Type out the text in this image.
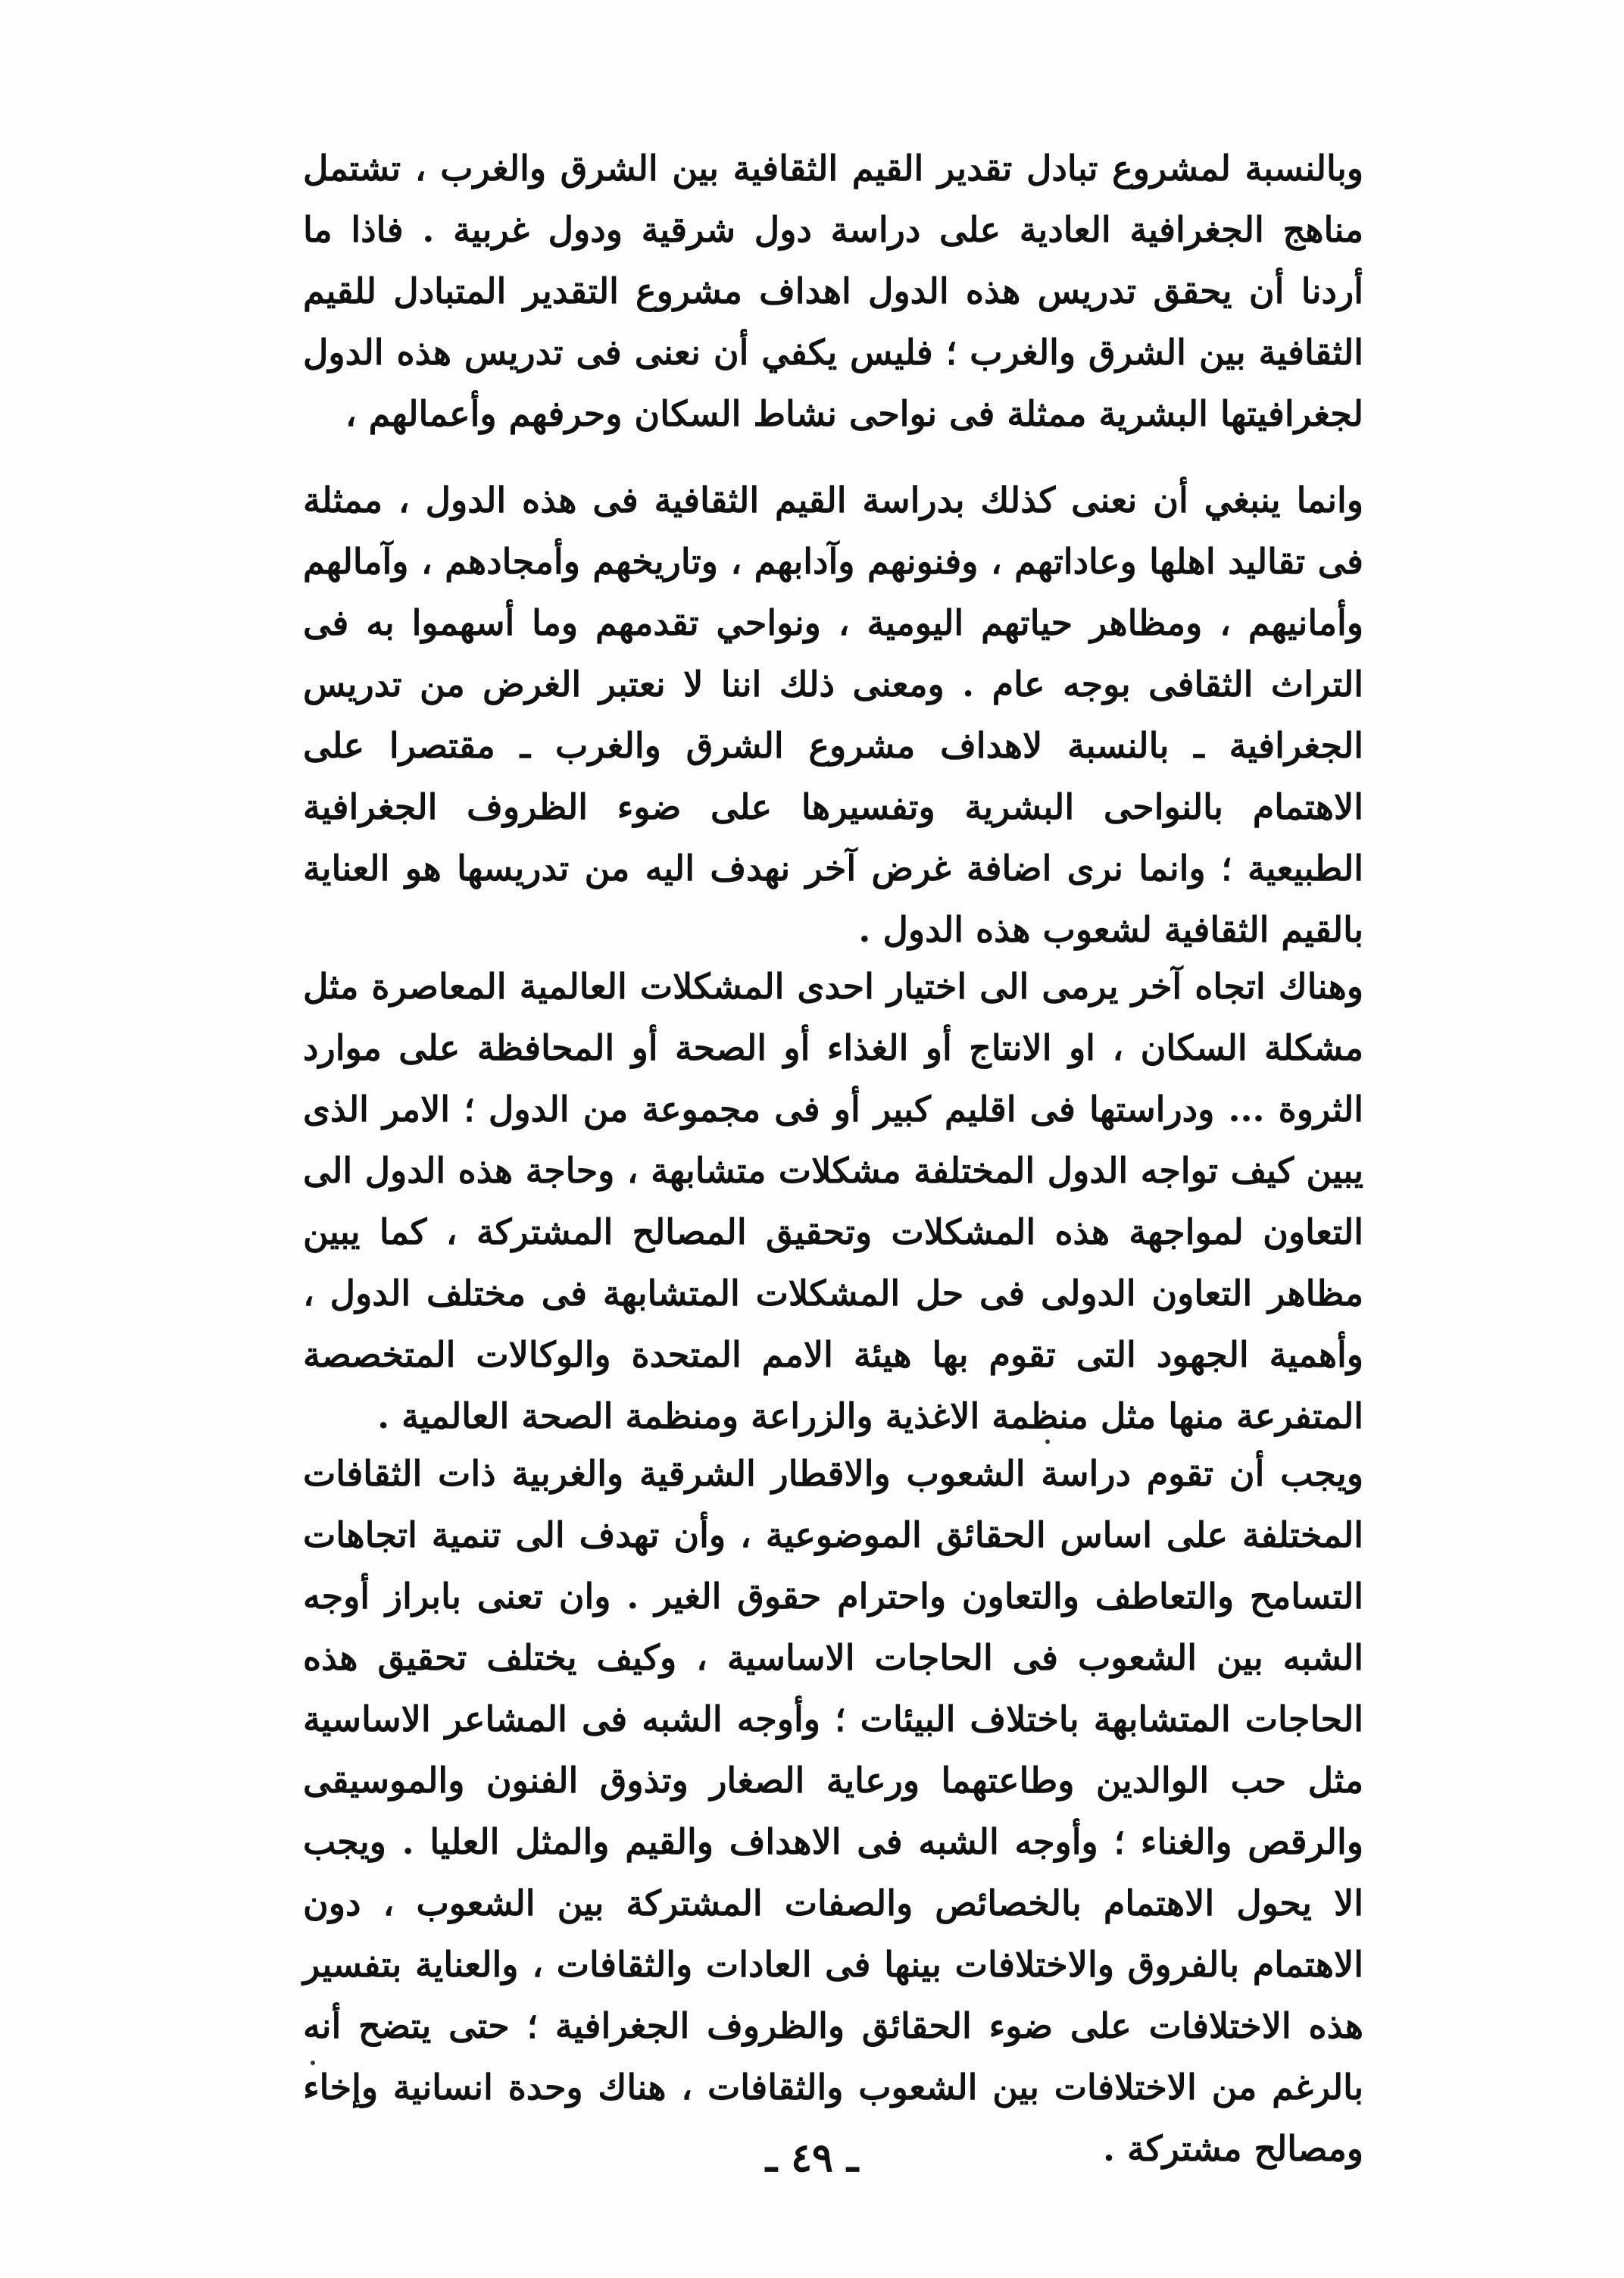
وبالنسبة لمشروع تبادل تقدير القيم الثقافية بين الشرق والغرب ، تشتمل مناهج الجغرافية العادية على دراسة دول شرقية ودول غربية . فاذا ما أردنا أن يحقق تدريس هذه الدول اهداف مشروع التقدير المتبادل للقيم الثقافية بين الشرق والغرب ؛ فليس يكفي أن نعنى فى تدريس هذه الدول لجغرافيتها البشرية ممثلة فى نواحى نشاط السكان وحرفهم وأعمالهم ،

وانما ينبغي أن نعنى كذلك بدراسة القيم الثقافية فى هذه الدول ، ممثلة فى تقاليد اهلها وعاداتهم ، وفنونهم وآدابهم ، وتاريخهم وأمجادهم ، وآمالهم وأمانيهم ، ومظاهر حياتهم اليومية ، ونواحي تقدمهم وما أسهموا به فى التراث الثقافى بوجه عام . ومعنى ذلك اننا لا نعتبر الغرض من تدريس الجغرافية ـ بالنسبة لاهداف مشروع الشرق والغرب ـ مقتصرا على الاهتمام بالنواحى البشرية وتفسيرها على ضوء الظروف الجغرافية الطبيعية ؛ وانما نرى اضافة غرض آخر نهدف اليه من تدريسها هو العناية بالقيم الثقافية لشعوب هذه الدول .

وهناك اتجاه آخر يرمى الى اختيار احدى المشكلات العالمية المعاصرة مثل مشكلة السكان ، او الانتاج أو الغذاء أو الصحة أو المحافظة على موارد الثروة ... ودراستها فى اقليم كبير أو فى مجموعة من الدول ؛ الامر الذى يبين كيف تواجه الدول المختلفة مشكلات متشابهة ، وحاجة هذه الدول الى التعاون لمواجهة هذه المشكلات وتحقيق المصالح المشتركة ، كما يبين مظاهر التعاون الدولى فى حل المشكلات المتشابهة فى مختلف الدول ، وأهمية الجهود التى تقوم بها هيئة الامم المتحدة والوكالات المتخصصة المتفرعة منها مثل منظمة الاغذية والزراعة ومنظمة الصحة العالمية .

ويجب أن تقوم دراسة الشعوب والاقطار الشرقية والغربية ذات الثقافات المختلفة على اساس الحقائق الموضوعية ، وأن تهدف الى تنمية اتجاهات التسامح والتعاطف والتعاون واحترام حقوق الغير . وان تعنى بابراز أوجه الشبه بين الشعوب فى الحاجات الاساسية ، وكيف يختلف تحقيق هذه الحاجات المتشابهة باختلاف البيئات ؛ وأوجه الشبه فى المشاعر الاساسية مثل حب الوالدين وطاعتهما ورعاية الصغار وتذوق الفنون والموسيقى والرقص والغناء ؛ وأوجه الشبه فى الاهداف والقيم والمثل العليا . ويجب الا يحول الاهتمام بالخصائص والصفات المشتركة بين الشعوب ، دون الاهتمام بالفروق والاختلافات بينها فى العادات والثقافات ، والعناية بتفسير هذه الاختلافات على ضوء الحقائق والظروف الجغرافية ؛ حتى يتضح أنه بالرغم من الاختلافات بين الشعوب والثقافات ، هناك وحدة انسانية وإخاء ومصالح مشتركة .

ـ ٤٩ ـ
